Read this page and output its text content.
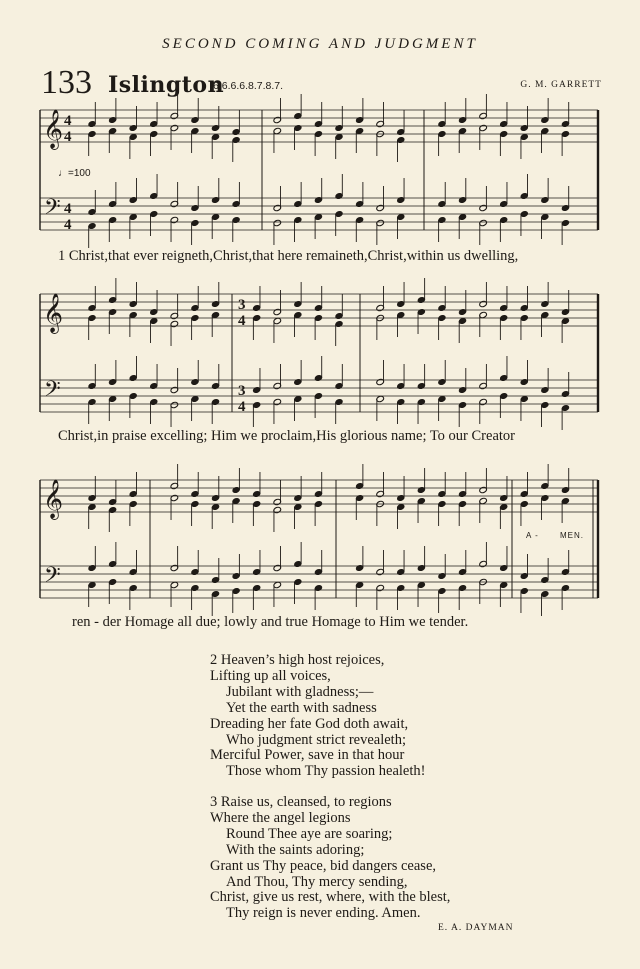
SECOND COMING AND JUDGMENT
133 Islington
6.6.6.6.8.7.8.7.	G. M. GARRETT
𝄞
𝄢
4
4
4
4
𝄞
𝄢
3
4
3
4
𝄞
𝄢
♩=100
1 Christ,that ever reigneth,Christ,that here remaineth,Christ,within us dwelling,
Christ,in praise excelling; Him we proclaim,His glorious name; To our Creator
ren - der Homage all due; lowly and true Homage to Him we tender.
A -	MEN.
2 Heaven’s high host rejoices,
Lifting up all voices,
Jubilant with gladness;—
Yet the earth with sadness
Dreading her fate God doth await,
Who judgment strict revealeth;
Merciful Power, save in that hour
Those whom Thy passion healeth!
3 Raise us, cleansed, to regions
Where the angel legions
Round Thee aye are soaring;
With the saints adoring;
Grant us Thy peace, bid dangers cease,
And Thou, Thy mercy sending,
Christ, give us rest, where, with the blest,
Thy reign is never ending. Amen.
E. A. DAYMAN
